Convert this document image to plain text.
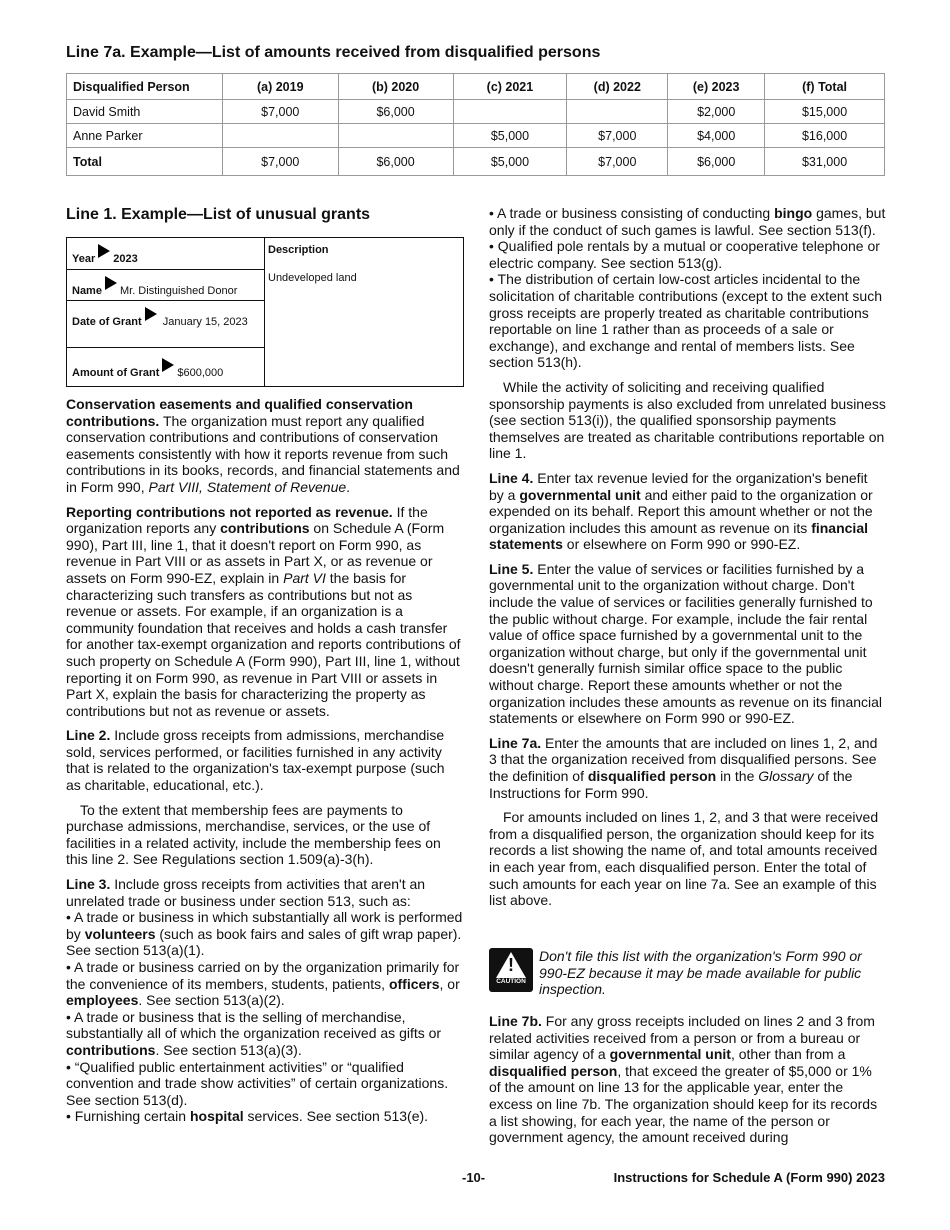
Line 7a. Example—List of amounts received from disqualified persons
Disqualified Person	(a) 2019	(b) 2020	(c) 2021	(d) 2022	(e) 2023	(f) Total
David Smith	$7,000	$6,000			$2,000	$15,000
Anne Parker			$5,000	$7,000	$4,000	$16,000
Total	$7,000	$6,000	$5,000	$7,000	$6,000	$31,000
Line 1. Example—List of unusual grants
Year 2023
Name Mr. Distinguished Donor
Date of Grant January 15, 2023
Amount of Grant $600,000
Description
Undeveloped land

Conservation easements and qualified conservation contributions. The organization must report any qualified conservation contributions and contributions of conservation easements consistently with how it reports revenue from such contributions in its books, records, and financial statements and in Form 990, Part VIII, Statement of Revenue.

Reporting contributions not reported as revenue. If the organization reports any contributions on Schedule A (Form 990), Part III, line 1, that it doesn't report on Form 990, as revenue in Part VIII or as assets in Part X, or as revenue or assets on Form 990-EZ, explain in Part VI the basis for characterizing such transfers as contributions but not as revenue or assets. For example, if an organization is a community foundation that receives and holds a cash transfer for another tax-exempt organization and reports contributions of such property on Schedule A (Form 990), Part III, line 1, without reporting it on Form 990, as revenue in Part VIII or assets in Part X, explain the basis for characterizing the property as contributions but not as revenue or assets.

Line 2. Include gross receipts from admissions, merchandise sold, services performed, or facilities furnished in any activity that is related to the organization's tax-exempt purpose (such as charitable, educational, etc.).

To the extent that membership fees are payments to purchase admissions, merchandise, services, or the use of facilities in a related activity, include the membership fees on this line 2. See Regulations section 1.509(a)-3(h).

Line 3. Include gross receipts from activities that aren't an unrelated trade or business under section 513, such as:

• A trade or business in which substantially all work is performed by volunteers (such as book fairs and sales of gift wrap paper). See section 513(a)(1).

• A trade or business carried on by the organization primarily for the convenience of its members, students, patients, officers, or employees. See section 513(a)(2).

• A trade or business that is the selling of merchandise, substantially all of which the organization received as gifts or contributions. See section 513(a)(3).

• “Qualified public entertainment activities” or “qualified convention and trade show activities” of certain organizations. See section 513(d).

• Furnishing certain hospital services. See section 513(e).

• A trade or business consisting of conducting bingo games, but only if the conduct of such games is lawful. See section 513(f).

• Qualified pole rentals by a mutual or cooperative telephone or electric company. See section 513(g).

• The distribution of certain low-cost articles incidental to the solicitation of charitable contributions (except to the extent such gross receipts are properly treated as charitable contributions reportable on line 1 rather than as proceeds of a sale or exchange), and exchange and rental of members lists. See section 513(h).

While the activity of soliciting and receiving qualified sponsorship payments is also excluded from unrelated business (see section 513(i)), the qualified sponsorship payments themselves are treated as charitable contributions reportable on line 1.

Line 4. Enter tax revenue levied for the organization's benefit by a governmental unit and either paid to the organization or expended on its behalf. Report this amount whether or not the organization includes this amount as revenue on its financial statements or elsewhere on Form 990 or 990-EZ.

Line 5. Enter the value of services or facilities furnished by a governmental unit to the organization without charge. Don't include the value of services or facilities generally furnished to the public without charge. For example, include the fair rental value of office space furnished by a governmental unit to the organization without charge, but only if the governmental unit doesn't generally furnish similar office space to the public without charge. Report these amounts whether or not the organization includes these amounts as revenue on its financial statements or elsewhere on Form 990 or 990-EZ.

Line 7a. Enter the amounts that are included on lines 1, 2, and 3 that the organization received from disqualified persons. See the definition of disqualified person in the Glossary of the Instructions for Form 990.

For amounts included on lines 1, 2, and 3 that were received from a disqualified person, the organization should keep for its records a list showing the name of, and total amounts received in each year from, each disqualified person. Enter the total of such amounts for each year on line 7a. See an example of this list above.

!
CAUTION
Don't file this list with the organization's Form 990 or 990-EZ because it may be made available for public inspection.

Line 7b. For any gross receipts included on lines 2 and 3 from related activities received from a person or from a bureau or similar agency of a governmental unit, other than from a disqualified person, that exceed the greater of $5,000 or 1% of the amount on line 13 for the applicable year, enter the excess on line 7b. The organization should keep for its records a list showing, for each year, the name of the person or government agency, the amount received during

-10-	Instructions for Schedule A (Form 990) 2023
